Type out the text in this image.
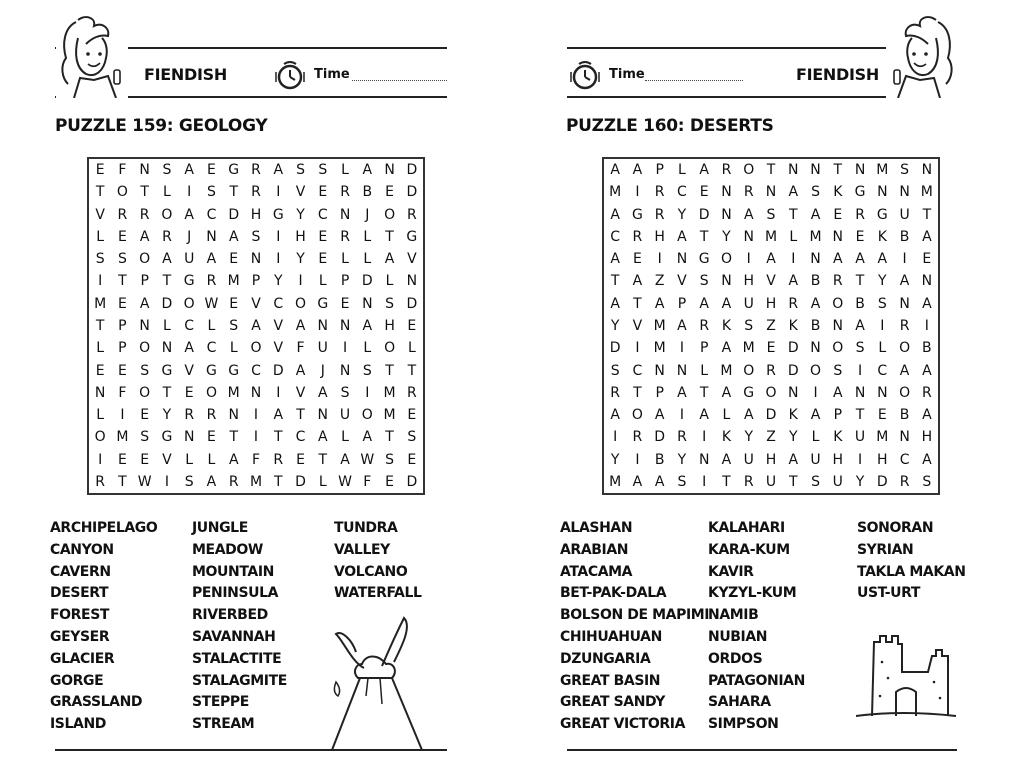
FIENDISH	Time
PUZZLE 159: GEOLOGY
E F N S A E G R A S S L A N D
T O T	L	I	S T R	I	V E R B E D
V R R O A C D H G Y C N	J	O R
L E A R	J	N A S	I	H E R L	T G
S S O A U A E N	I	Y E L	L A V
I	T P T G R M P Y	I	L	P D L N
M E A D O W E V C O G E N S D
T P N L C L S A V A N N A H E
L	P O N A C L O V F U	I	L O L
E E S G V G G C D A	J	N S T T
N F O T E O M N	I	V A S	I	M R
L	I	E Y R R N	I	A T N U O M E
O M S G N E T	I	T C A L A T S
I	E E V L	L A F R E T A W S E
R T W I	S A R M T D L W F E D
ARCHIPELAGO
CANYON
CAVERN
DESERT
FOREST
GEYSER
GLACIER
GORGE
GRASSLAND
ISLAND
JUNGLE
MEADOW
MOUNTAIN
PENINSULA
RIVERBED
SAVANNAH
STALACTITE
STALAGMITE
STEPPE
STREAM
TUNDRA
VALLEY
VOLCANO
WATERFALL
Time	FIENDISH
PUZZLE 160: DESERTS
A A P	L A R O T N N T N M S N
M	I	R C E N R N A S K G N N M
A G R Y D N A S T A E R G U T
C R H A T Y N M L M N E K B A
A E	I	N G O	I	A	I	N A A A	I	E
T A Z V S N H V A B R T Y A N
A T A P A A U H R A O B S N A
Y V M A R K S Z K B N A	I	R	I
D	I	M	I	P A M E D N O S L O B
S C N N L M O R D O S	I	C A A
R T P A T A G O N	I	A N N O R
A O A	I	A L A D K A P T E B A
I	R D R	I	K Y Z Y	L K U M N H
Y	I	B Y N A U H A U H	I	H C A
M A A S	I	T R U T S U Y D R S
ALASHAN
ARABIAN
ATACAMA
BET-PAK-DALA
BOLSON DE MAPIMI
CHIHUAHUAN
DZUNGARIA
GREAT BASIN
GREAT SANDY
GREAT VICTORIA
KALAHARI
KARA-KUM
KAVIR
KYZYL-KUM
NAMIB
NUBIAN
ORDOS
PATAGONIAN
SAHARA
SIMPSON
SONORAN
SYRIAN
TAKLA MAKAN
UST-URT
